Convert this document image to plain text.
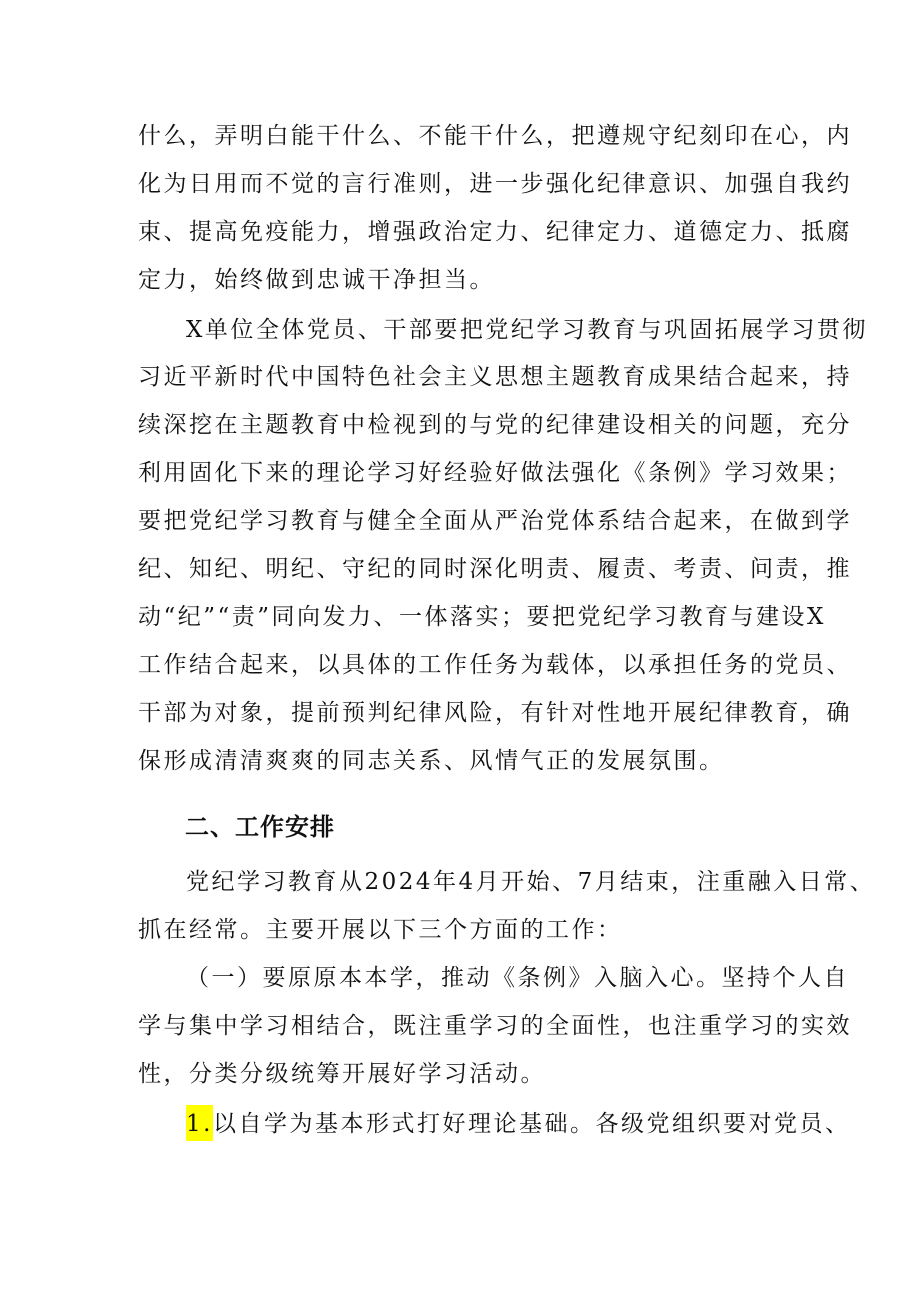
什么，弄明白能干什么、不能干什么，把遵规守纪刻印在心，内
化为日用而不觉的言行准则，进一步强化纪律意识、加强自我约
束、提高免疫能力，增强政治定力、纪律定力、道德定力、抵腐
定力，始终做到忠诚干净担当。
X单位全体党员、干部要把党纪学习教育与巩固拓展学习贯彻
习近平新时代中国特色社会主义思想主题教育成果结合起来，持
续深挖在主题教育中检视到的与党的纪律建设相关的问题，充分
利用固化下来的理论学习好经验好做法强化《条例》学习效果；
要把党纪学习教育与健全全面从严治党体系结合起来，在做到学
纪、知纪、明纪、守纪的同时深化明责、履责、考责、问责，推
动“纪”“责”同向发力、一体落实；要把党纪学习教育与建设X
工作结合起来，以具体的工作任务为载体，以承担任务的党员、
干部为对象，提前预判纪律风险，有针对性地开展纪律教育，确
保形成清清爽爽的同志关系、风情气正的发展氛围。
二、工作安排
党纪学习教育从2024年4月开始、7月结束，注重融入日常、
抓在经常。主要开展以下三个方面的工作：
（一）要原原本本学，推动《条例》入脑入心。坚持个人自
学与集中学习相结合，既注重学习的全面性，也注重学习的实效
性，分类分级统筹开展好学习活动。
1.以自学为基本形式打好理论基础。各级党组织要对党员、
